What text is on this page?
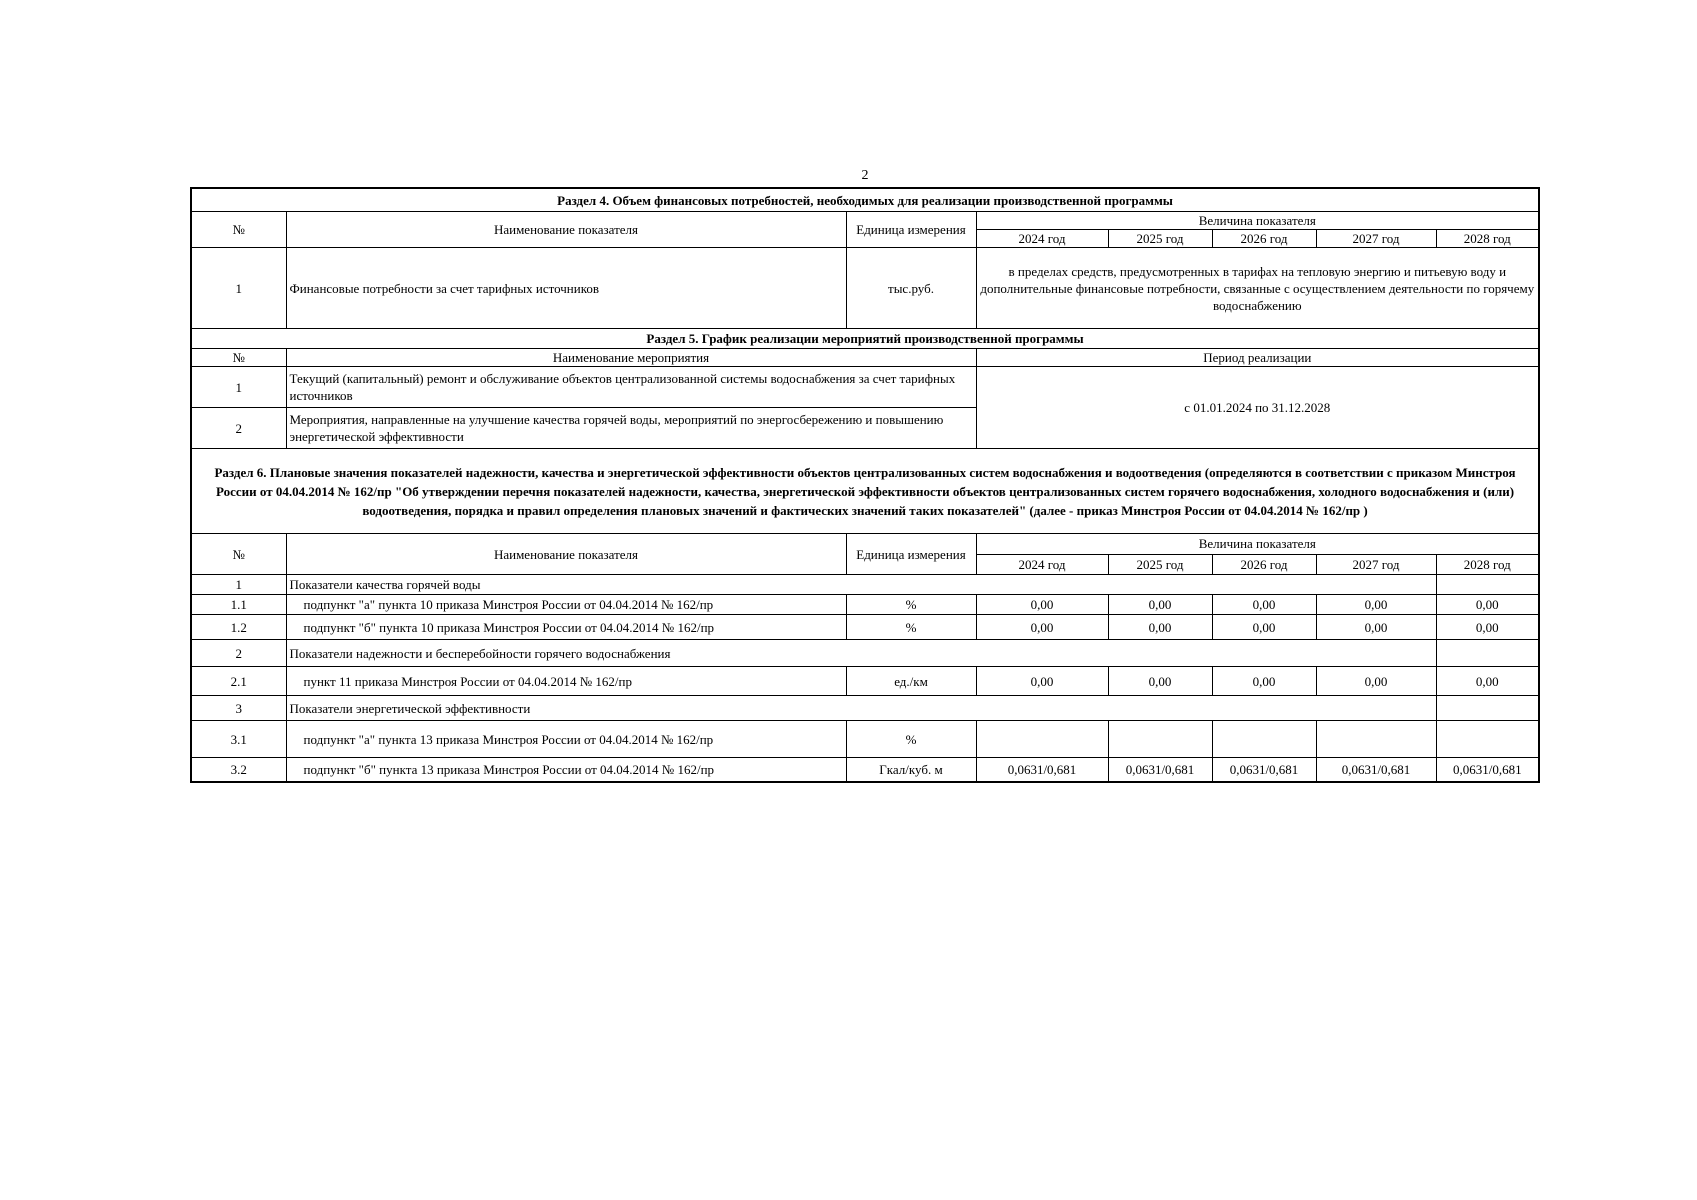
2
Раздел 4. Объем финансовых потребностей, необходимых для реализации производственной программы							
№	Наименование показателя	Единица измерения	Величина показателя				
			2024 год	2025 год	2026 год	2027 год	2028 год
1	Финансовые потребности за счет тарифных источников	тыс.руб.	в пределах средств, предусмотренных в тарифах на тепловую энергию и питьевую воду и дополнительные финансовые потребности, связанные с осуществлением деятельности по горячему водоснабжению				
Раздел 5. График реализации мероприятий производственной программы							
№	Наименование мероприятия		Период реализации				
1	Текущий (капитальный) ремонт и обслуживание объектов централизованной системы водоснабжения за счет тарифных источников		с 01.01.2024 по 31.12.2028				
2	Мероприятия, направленные на улучшение качества горячей воды, мероприятий по энергосбережению и повышению энергетической эффективности						
Раздел 6. Плановые значения показателей надежности, качества и энергетической эффективности объектов централизованных систем водоснабжения и водоотведения (определяются в соответствии с приказом Минстроя России от 04.04.2014 № 162/пр "Об утверждении перечня показателей надежности, качества, энергетической эффективности объектов централизованных систем горячего водоснабжения, холодного водоснабжения и (или) водоотведения, порядка и правил определения плановых значений и фактических значений таких показателей" (далее - приказ Минстроя России от 04.04.2014 № 162/пр )							
№	Наименование показателя	Единица измерения	Величина показателя				
			2024 год	2025 год	2026 год	2027 год	2028 год
1	Показатели качества горячей воды						
1.1	подпункт "а" пункта 10 приказа Минстроя России от 04.04.2014 № 162/пр	%	0,00	0,00	0,00	0,00	0,00
1.2	подпункт "б" пункта 10 приказа Минстроя России от 04.04.2014 № 162/пр	%	0,00	0,00	0,00	0,00	0,00
2	Показатели надежности и бесперебойности горячего водоснабжения						
2.1	пункт 11 приказа Минстроя России от 04.04.2014 № 162/пр	ед./км	0,00	0,00	0,00	0,00	0,00
3	Показатели энергетической эффективности						
3.1	подпункт "а" пункта 13 приказа Минстроя России от 04.04.2014 № 162/пр	%					
3.2	подпункт "б" пункта 13 приказа Минстроя России от 04.04.2014 № 162/пр	Гкал/куб. м	0,0631/0,681	0,0631/0,681	0,0631/0,681	0,0631/0,681	0,0631/0,681
